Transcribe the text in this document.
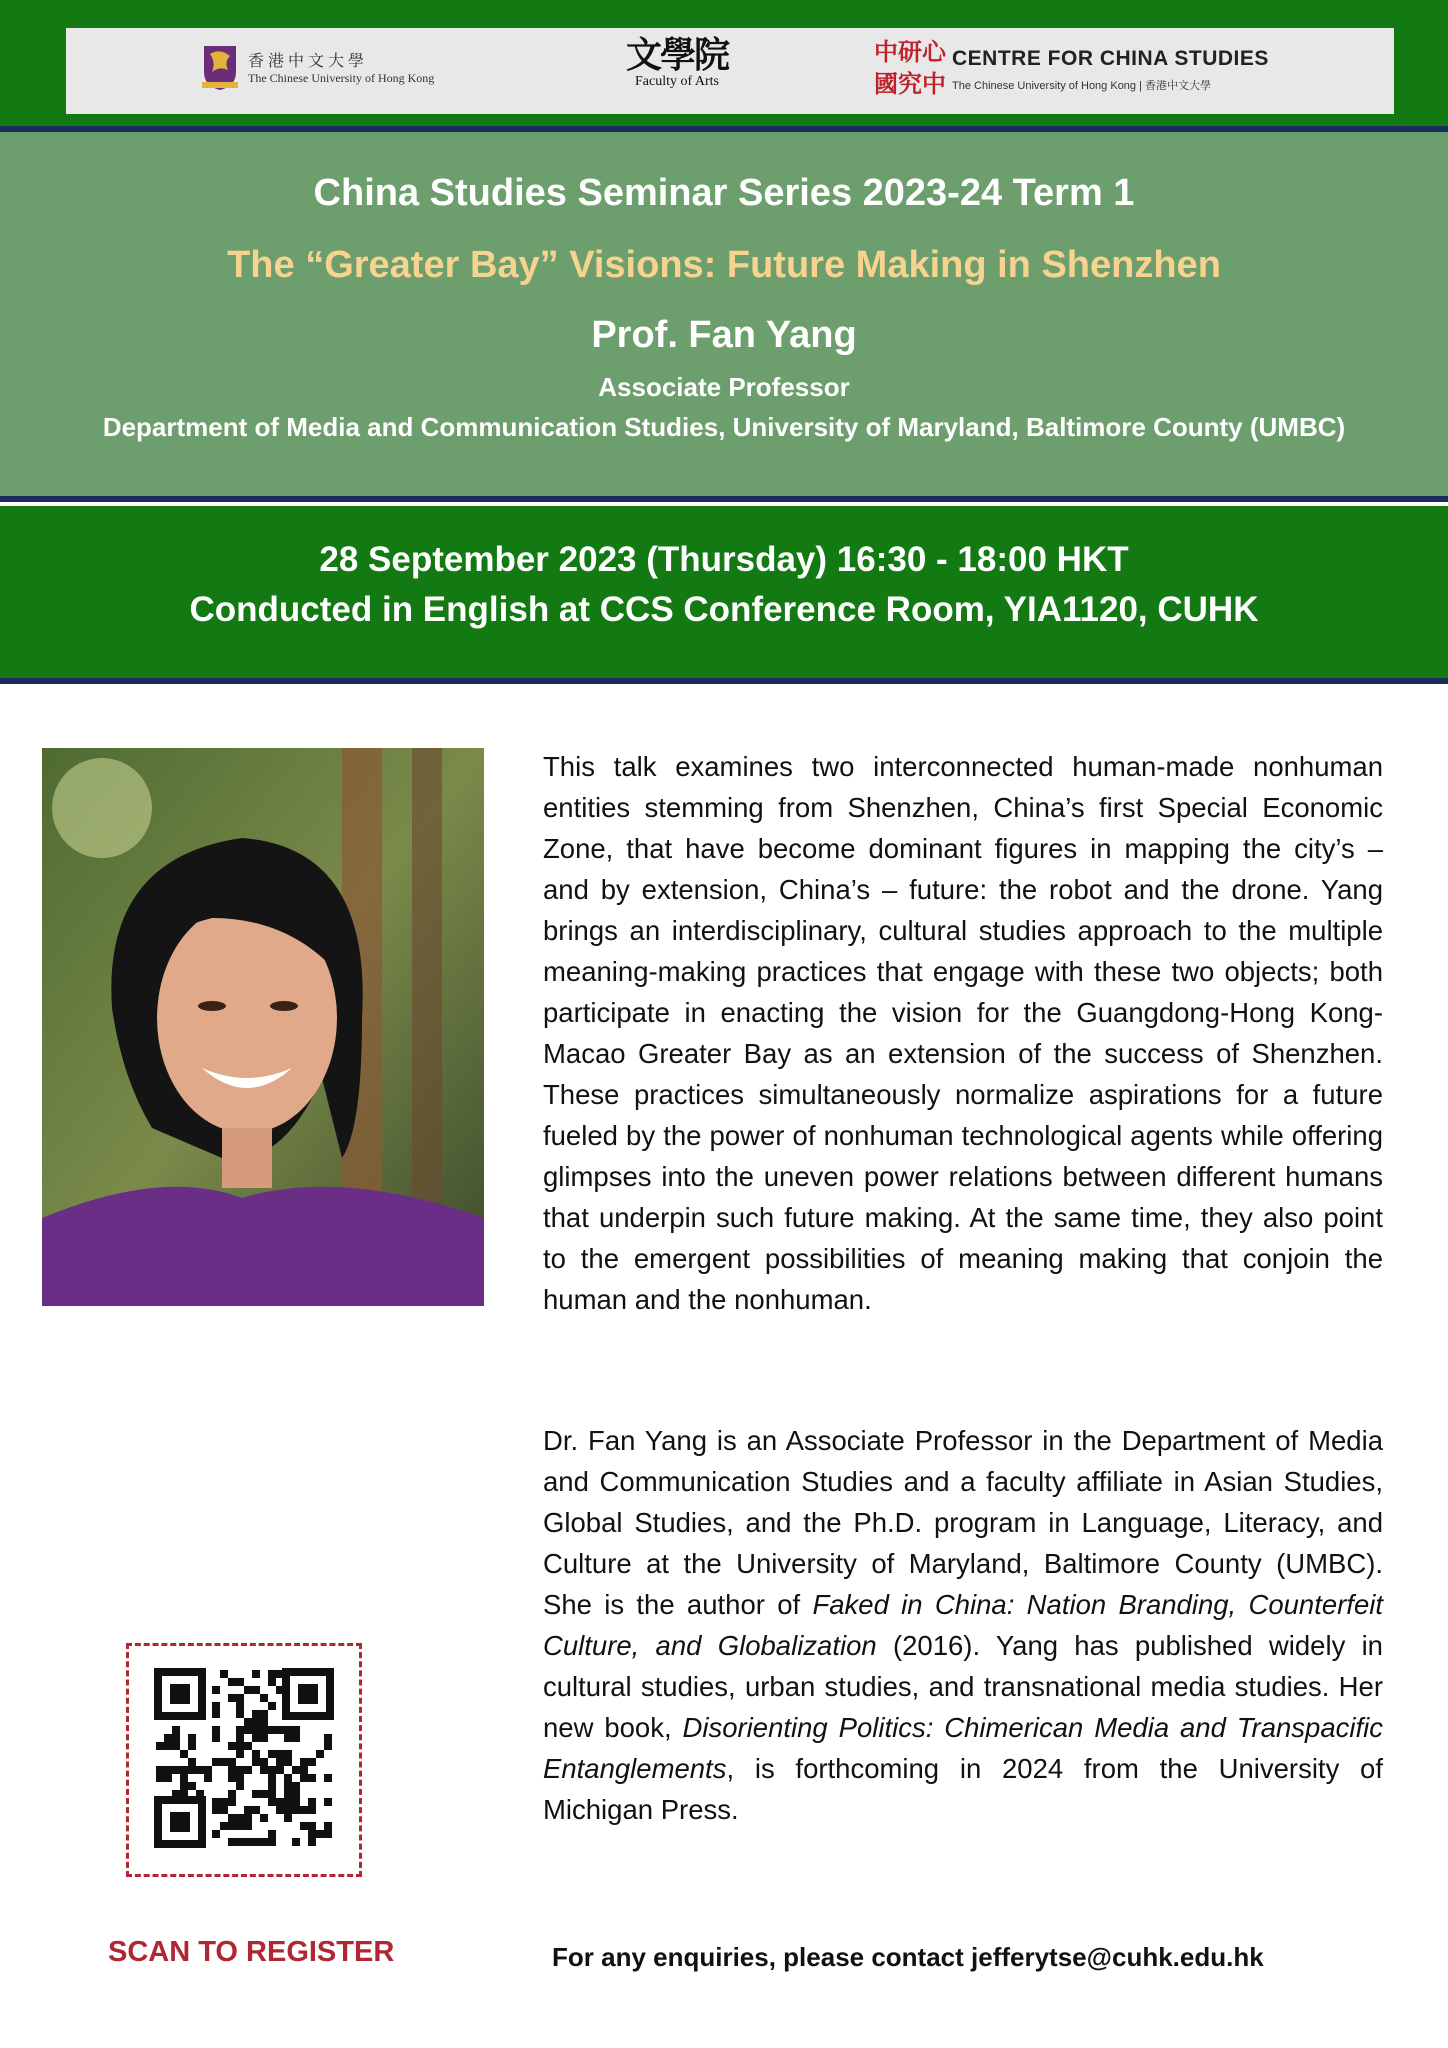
香港中文大學
The Chinese University of Hong Kong
文學院
Faculty of Arts
中 研 心
國 究 中
CENTRE FOR CHINA STUDIES
The Chinese University of Hong Kong | 香港中文大學
China Studies Seminar Series 2023-24 Term 1
The “Greater Bay” Visions: Future Making in Shenzhen
Prof. Fan Yang
Associate Professor
Department of Media and Communication Studies, University of Maryland, Baltimore County (UMBC)
28 September 2023 (Thursday) 16:30 - 18:00 HKT
Conducted in English at CCS Conference Room, YIA1120, CUHK

This talk examines two interconnected human-made nonhuman entities stemming from Shenzhen, China’s first Special Economic Zone, that have become dominant figures in mapping the city’s – and by extension, China’s – future: the robot and the drone. Yang brings an interdisciplinary, cultural studies approach to the multiple meaning-making practices that engage with these two objects; both participate in enacting the vision for the Guangdong-Hong Kong-Macao Greater Bay as an extension of the success of Shenzhen. These practices simultaneously normalize aspirations for a future fueled by the power of nonhuman technological agents while offering glimpses into the uneven power relations between different humans that underpin such future making. At the same time, they also point to the emergent possibilities of meaning making that conjoin the human and the nonhuman.

Dr. Fan Yang is an Associate Professor in the Department of Media and Communication Studies and a faculty affiliate in Asian Studies, Global Studies, and the Ph.D. program in Language, Literacy, and Culture at the University of Maryland, Baltimore County (UMBC). She is the author of Faked in China: Nation Branding, Counterfeit Culture, and Globalization (2016). Yang has published widely in cultural studies, urban studies, and transnational media studies. Her new book, Disorienting Politics: Chimerican Media and Transpacific Entanglements, is forthcoming in 2024 from the University of Michigan Press.

SCAN TO REGISTER	For any enquiries, please contact jefferytse@cuhk.edu.hk
